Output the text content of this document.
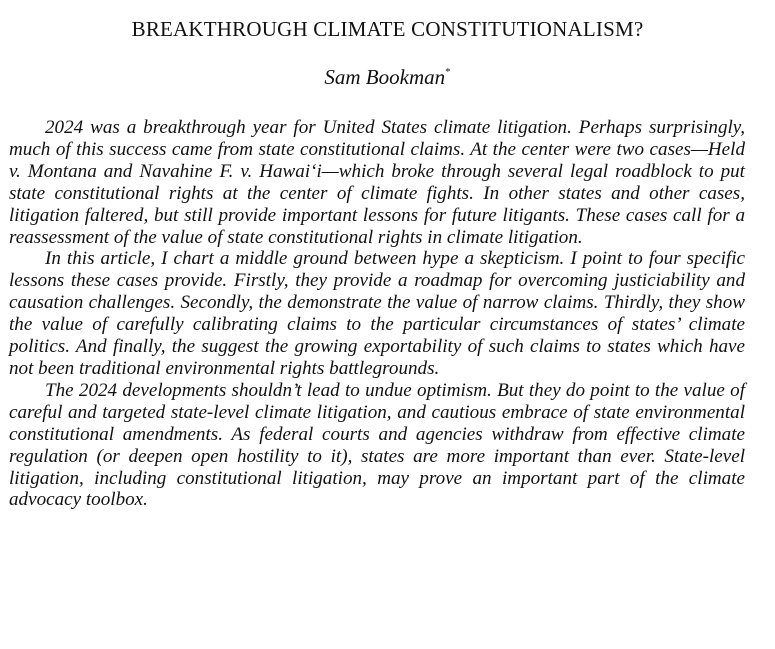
BREAKTHROUGH CLIMATE CONSTITUTIONALISM?
Sam Bookman*

2024 was a breakthrough year for United States climate litigation. Perhaps surprisingly, much of this success came from state constitutional claims. At the center were two cases—Held v. Montana and Navahine F. v. Hawai‘i—which broke through several legal roadblock to put state constitutional rights at the center of climate fights. In other states and other cases, litigation faltered, but still provide important lessons for future litigants. These cases call for a reassessment of the value of state constitutional rights in climate litigation.

In this article, I chart a middle ground between hype a skepticism. I point to four specific lessons these cases provide. Firstly, they provide a roadmap for overcoming justiciability and causation challenges. Secondly, the demonstrate the value of narrow claims. Thirdly, they show the value of carefully calibrating claims to the particular circumstances of states’ climate politics. And finally, the suggest the growing exportability of such claims to states which have not been traditional environmental rights battlegrounds.

The 2024 developments shouldn’t lead to undue optimism. But they do point to the value of careful and targeted state-level climate litigation, and cautious embrace of state environmental constitutional amendments. As federal courts and agencies withdraw from effective climate regulation (or deepen open hostility to it), states are more important than ever. State-level litigation, including constitutional litigation, may prove an important part of the climate advocacy toolbox.
